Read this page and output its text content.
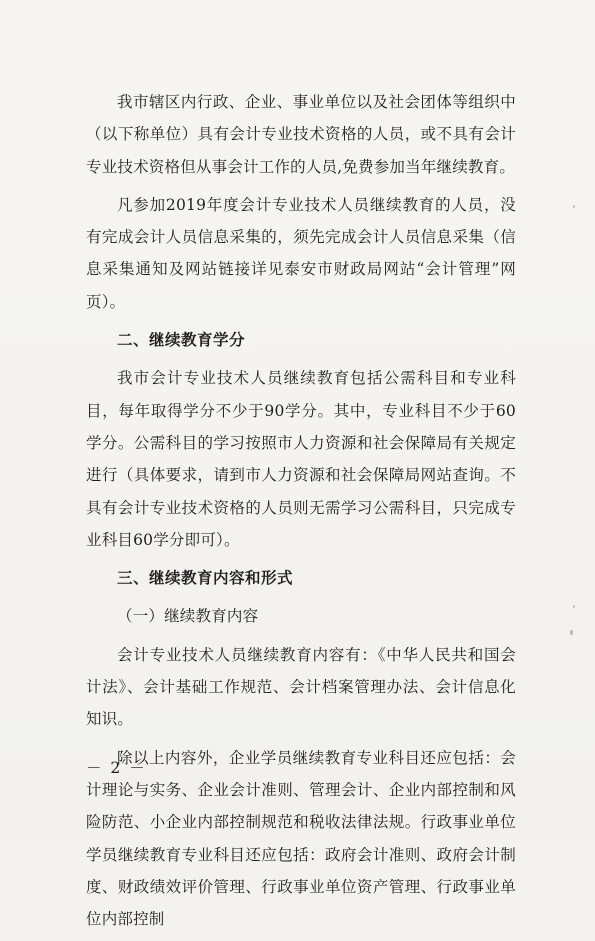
我市辖区内行政、企业、事业单位以及社会团体等组织中（以下称单位）具有会计专业技术资格的人员，或不具有会计专业技术资格但从事会计工作的人员,免费参加当年继续教育。

凡参加2019年度会计专业技术人员继续教育的人员，没有完成会计人员信息采集的，须先完成会计人员信息采集（信息采集通知及网站链接详见泰安市财政局网站“会计管理”网页）。

二、继续教育学分

我市会计专业技术人员继续教育包括公需科目和专业科目，每年取得学分不少于90学分。其中，专业科目不少于60学分。公需科目的学习按照市人力资源和社会保障局有关规定进行（具体要求，请到市人力资源和社会保障局网站查询。不具有会计专业技术资格的人员则无需学习公需科目，只完成专业科目60学分即可）。

三、继续教育内容和形式

（一）继续教育内容

会计专业技术人员继续教育内容有：《中华人民共和国会计法》、会计基础工作规范、会计档案管理办法、会计信息化知识。

除以上内容外，企业学员继续教育专业科目还应包括：会计理论与实务、企业会计准则、管理会计、企业内部控制和风险防范、小企业内部控制规范和税收法律法规。行政事业单位学员继续教育专业科目还应包括：政府会计准则、政府会计制度、财政绩效评价管理、行政事业单位资产管理、行政事业单位内部控制

－ 2 －
